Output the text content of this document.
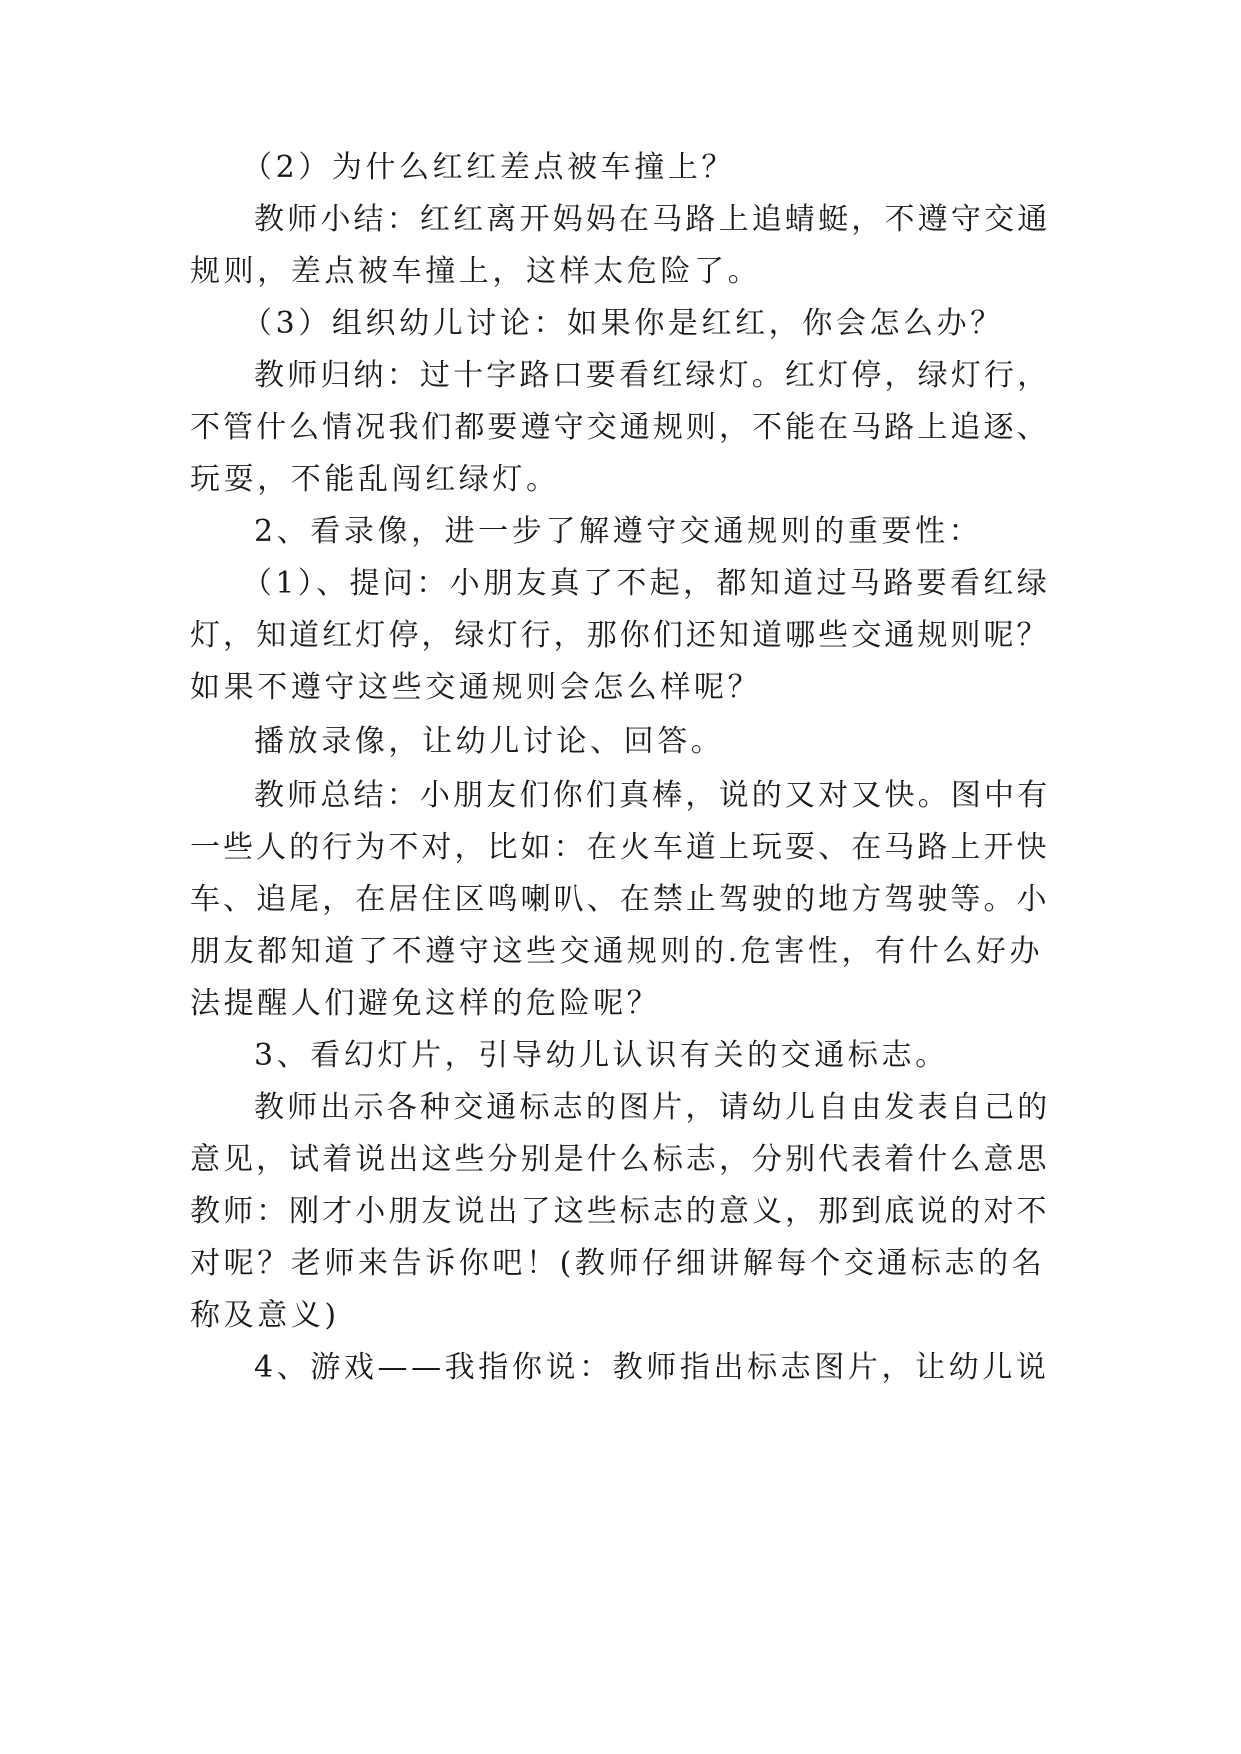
（2）为什么红红差点被车撞上？
教师小结：红红离开妈妈在马路上追蜻蜓，不遵守交通
规则，差点被车撞上，这样太危险了。
（3）组织幼儿讨论：如果你是红红，你会怎么办？
教师归纳：过十字路口要看红绿灯。红灯停，绿灯行，
不管什么情况我们都要遵守交通规则，不能在马路上追逐、
玩耍，不能乱闯红绿灯。
2、看录像，进一步了解遵守交通规则的重要性：
（1）、提问：小朋友真了不起，都知道过马路要看红绿
灯，知道红灯停，绿灯行，那你们还知道哪些交通规则呢？
如果不遵守这些交通规则会怎么样呢？
播放录像，让幼儿讨论、回答。
教师总结：小朋友们你们真棒，说的又对又快。图中有
一些人的行为不对，比如：在火车道上玩耍、在马路上开快
车、追尾，在居住区鸣喇叭、在禁止驾驶的地方驾驶等。小
朋友都知道了不遵守这些交通规则的.危害性，有什么好办
法提醒人们避免这样的危险呢？
3、看幻灯片，引导幼儿认识有关的交通标志。
教师出示各种交通标志的图片，请幼儿自由发表自己的
意见，试着说出这些分别是什么标志，分别代表着什么意思
教师：刚才小朋友说出了这些标志的意义，那到底说的对不
对呢？老师来告诉你吧！(教师仔细讲解每个交通标志的名
称及意义)
4、游戏——我指你说：教师指出标志图片，让幼儿说
